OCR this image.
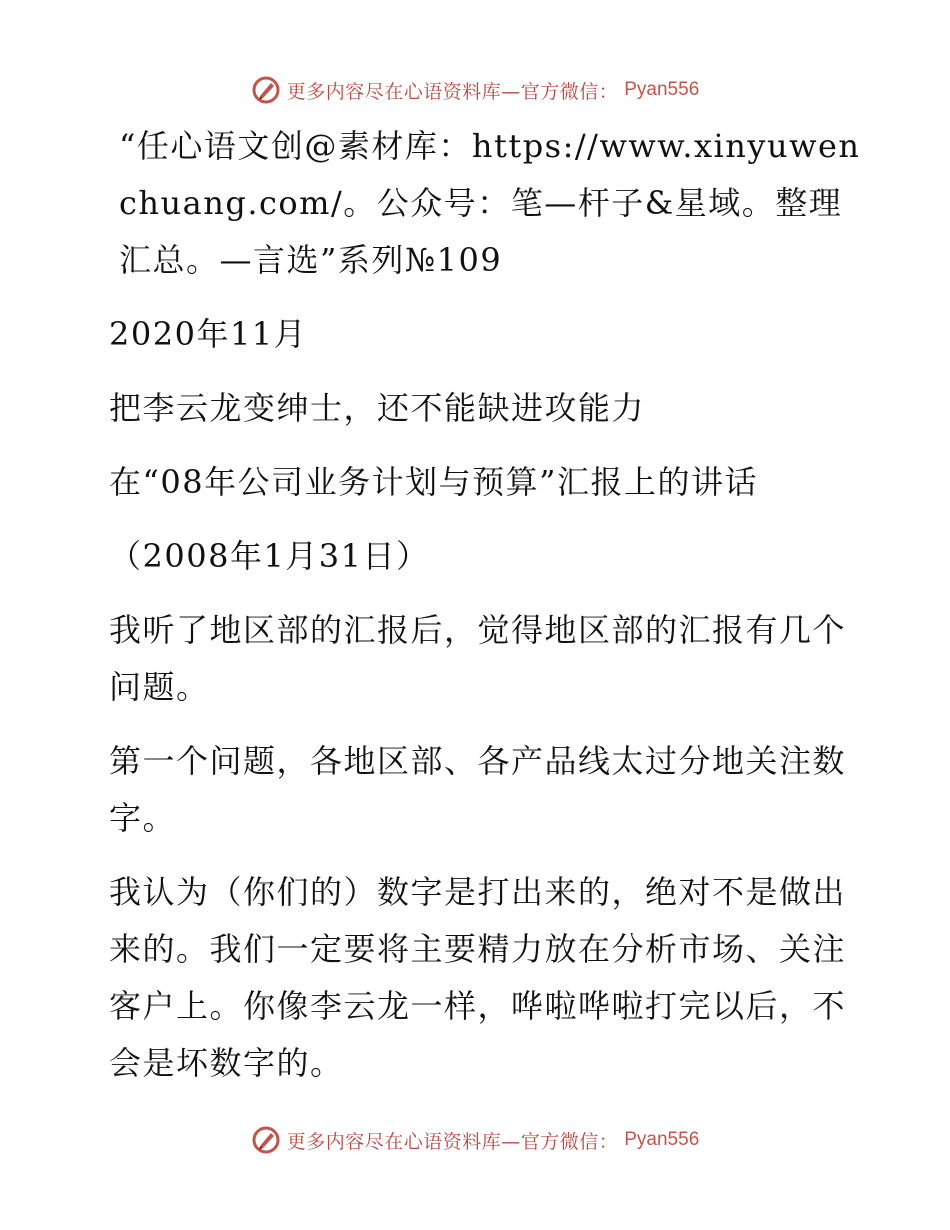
更多内容尽在心语资料库—官方微信： Pyan556

“任心语文创@素材库：https://www.xinyuwenchuang.com/。公众号：笔—杆子&星域。整理汇总。—言选”系列№109

2020年11月

把李云龙变绅士，还不能缺进攻能力

在“08年公司业务计划与预算”汇报上的讲话

（2008年1月31日）

我听了地区部的汇报后，觉得地区部的汇报有几个问题。

第一个问题，各地区部、各产品线太过分地关注数字。

我认为（你们的）数字是打出来的，绝对不是做出来的。我们一定要将主要精力放在分析市场、关注客户上。你像李云龙一样，哗啦哗啦打完以后，不会是坏数字的。

更多内容尽在心语资料库—官方微信： Pyan556
